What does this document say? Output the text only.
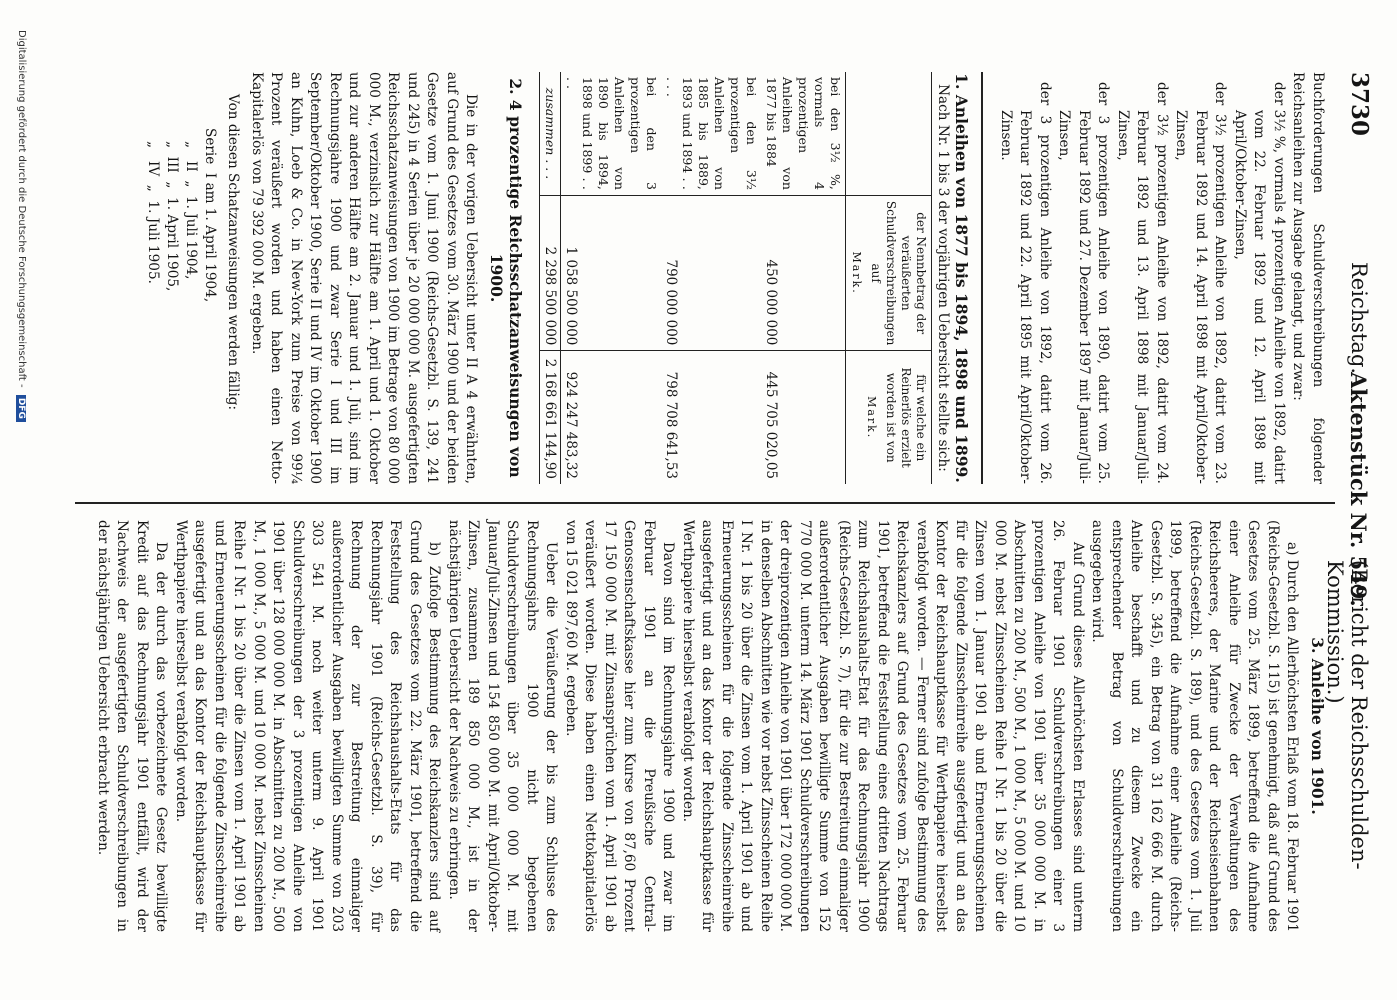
3730
Reichstag.
Aktenstück Nr. 549.
(Bericht der Reichsschulden-Kommission.)

Buchforderungen Schuldverschreibungen folgender Reichsanleihen zur Ausgabe gelangt, und zwar:

der 3½ %, vormals 4 prozentigen Anleihe von 1892, datirt vom 22. Februar 1892 und 12. April 1898 mit April/Oktober-Zinsen,

der 3½ prozentigen Anleihe von 1892, datirt vom 23. Februar 1892 und 14. April 1898 mit April/Oktober-Zinsen,

der 3½ prozentigen Anleihe von 1892, datirt vom 24. Februar 1892 und 13. April 1898 mit Januar/Juli-Zinsen,

der 3 prozentigen Anleihe von 1890, datirt vom 25. Februar 1892 und 27. Dezember 1897 mit Januar/Juli-Zinsen,

der 3 prozentigen Anleihe von 1892, datirt vom 26. Februar 1892 und 22. April 1895 mit April/Oktober-Zinsen.

1. Anleihen von 1877 bis 1894, 1898 und 1899.

Nach Nr. 1 bis 3 der vorjährigen Uebersicht stellte sich:

	der Nennbetrag der veräußerten Schuldverschreibungen auf
Mark.	für welche ein Reinerlös erzielt worden ist von
Mark.

bei den 3½ %, vormals 4 prozentigen Anleihen von 1877 bis 1884	450 000 000	445 705 020,05
bei den 3½ prozentigen Anleihen von 1885 bis 1889, 1893 und 1894 . . . . .	790 000 000	798 708 641,53
bei den 3 prozentigen Anleihen von 1890 bis 1894, 1898 und 1899 . . . .	1 058 500 000	924 247 483,32
zusammen . . .	2 298 500 000	2 168 661 144,90

2. 4 prozentige Reichsschatzanweisungen von 1900.

Die in der vorigen Uebersicht unter II A 4 erwähnten, auf Grund des Gesetzes vom 30. März 1900 und der beiden Gesetze vom 1. Juni 1900 (Reichs-Gesetzbl. S. 139, 241 und 245) in 4 Serien über je 20 000 000 M. ausgefertigten Reichsschatzanweisungen von 1900 im Betrage von 80 000 000 M., verzinslich zur Hälfte am 1. April und 1. Oktober und zur anderen Hälfte am 2. Januar und 1. Juli, sind im Rechnungsjahre 1900 und zwar Serie I und III im September/Oktober 1900, Serie II und IV im Oktober 1900 an Kuhn, Loeb & Co. in New-York zum Preise von 99¼ Prozent veräußert worden und haben einen Netto-Kapitalerlös von 79 392 000 M. ergeben.

Von diesen Schatzanweisungen werden fällig:

Serie  I am 1. April 1904,
„   II  „  1. Juli 1904,
„  III  „  1. April 1905,
„   IV  „  1. Juli 1905.

3. Anleihe von 1901.

a) Durch den Allerhöchsten Erlaß vom 18. Februar 1901 (Reichs-Gesetzbl. S. 115) ist genehmigt, daß auf Grund des Gesetzes vom 25. März 1899, betreffend die Aufnahme einer Anleihe für Zwecke der Verwaltungen des Reichsheeres, der Marine und der Reichseisenbahnen (Reichs-Gesetzbl. S. 189), und des Gesetzes vom 1. Juli 1899, betreffend die Aufnahme einer Anleihe (Reichs-Gesetzbl. S. 345), ein Betrag von 31 162 666 M. durch Anleihe beschafft und zu diesem Zwecke ein entsprechender Betrag von Schuldverschreibungen ausgegeben wird.

Auf Grund dieses Allerhöchsten Erlasses sind unterm 26. Februar 1901 Schuldverschreibungen einer 3 prozentigen Anleihe von 1901 über 35 000 000 M. in Abschnitten zu 200 M., 500 M., 1 000 M., 5 000 M. und 10 000 M. nebst Zinsscheinen Reihe I Nr. 1 bis 20 über die Zinsen vom 1. Januar 1901 ab und Erneuerungsscheinen für die folgende Zinsscheinreihe ausgefertigt und an das Kontor der Reichshauptkasse für Werthpapiere hierselbst verabfolgt worden. — Ferner sind zufolge Bestimmung des Reichskanzlers auf Grund des Gesetzes vom 25. Februar 1901, betreffend die Feststellung eines dritten Nachtrags zum Reichshaushalts-Etat für das Rechnungsjahr 1900 (Reichs-Gesetzbl. S. 7), für die zur Bestreitung einmaliger außerordentlicher Ausgaben bewilligte Summe von 152 770 000 M. unterm 14. März 1901 Schuldverschreibungen der dreiprozentigen Anleihe von 1901 über 172 000 000 M. in denselben Abschnitten wie vor nebst Zinsscheinen Reihe I Nr. 1 bis 20 über die Zinsen vom 1. April 1901 ab und Erneuerungsscheinen für die folgende Zinsscheinreihe ausgefertigt und an das Kontor der Reichshauptkasse für Werthpapiere hierselbst verabfolgt worden.

Davon sind im Rechnungsjahre 1900 und zwar im Februar 1901 an die Preußische Central-Genossenschaftskasse hier zum Kurse von 87,60 Prozent 17 150 000 M. mit Zinsansprüchen vom 1. April 1901 ab veräußert worden. Diese haben einen Nettokapitalerlös von 15 021 897,60 M. ergeben.

Ueber die Veräußerung der bis zum Schlusse des Rechnungsjahrs 1900 nicht begebenen Schuldverschreibungen über 35 000 000 M. mit Januar/Juli-Zinsen und 154 850 000 M. mit April/Oktober-Zinsen, zusammen 189 850 000 M., ist in der nächstjährigen Uebersicht der Nachweis zu erbringen.

b) Zufolge Bestimmung des Reichskanzlers sind auf Grund des Gesetzes vom 22. März 1901, betreffend die Feststellung des Reichshaushalts-Etats für das Rechnungsjahr 1901 (Reichs-Gesetzbl. S. 39), für Rechnung der zur Bestreitung einmaliger außerordentlicher Ausgaben bewilligten Summe von 203 303 541 M. noch weiter unterm 9. April 1901 Schuldverschreibungen der 3 prozentigen Anleihe von 1901 über 128 000 000 M. in Abschnitten zu 200 M., 500 M., 1 000 M., 5 000 M. und 10 000 M. nebst Zinsscheinen Reihe I Nr. 1 bis 20 über die Zinsen vom 1. April 1901 ab und Erneuerungsscheinen für die folgende Zinsscheinreihe ausgefertigt und an das Kontor der Reichshauptkasse für Werthpapiere hierselbst verabfolgt worden.

Da der durch das vorbezeichnete Gesetz bewilligte Kredit auf das Rechnungsjahr 1901 entfällt, wird der Nachweis der ausgefertigten Schuldverschreibungen in der nächstjährigen Uebersicht erbracht werden.

Digitalisierung gefördert durch die Deutsche Forschungsgemeinschaft - DFG
